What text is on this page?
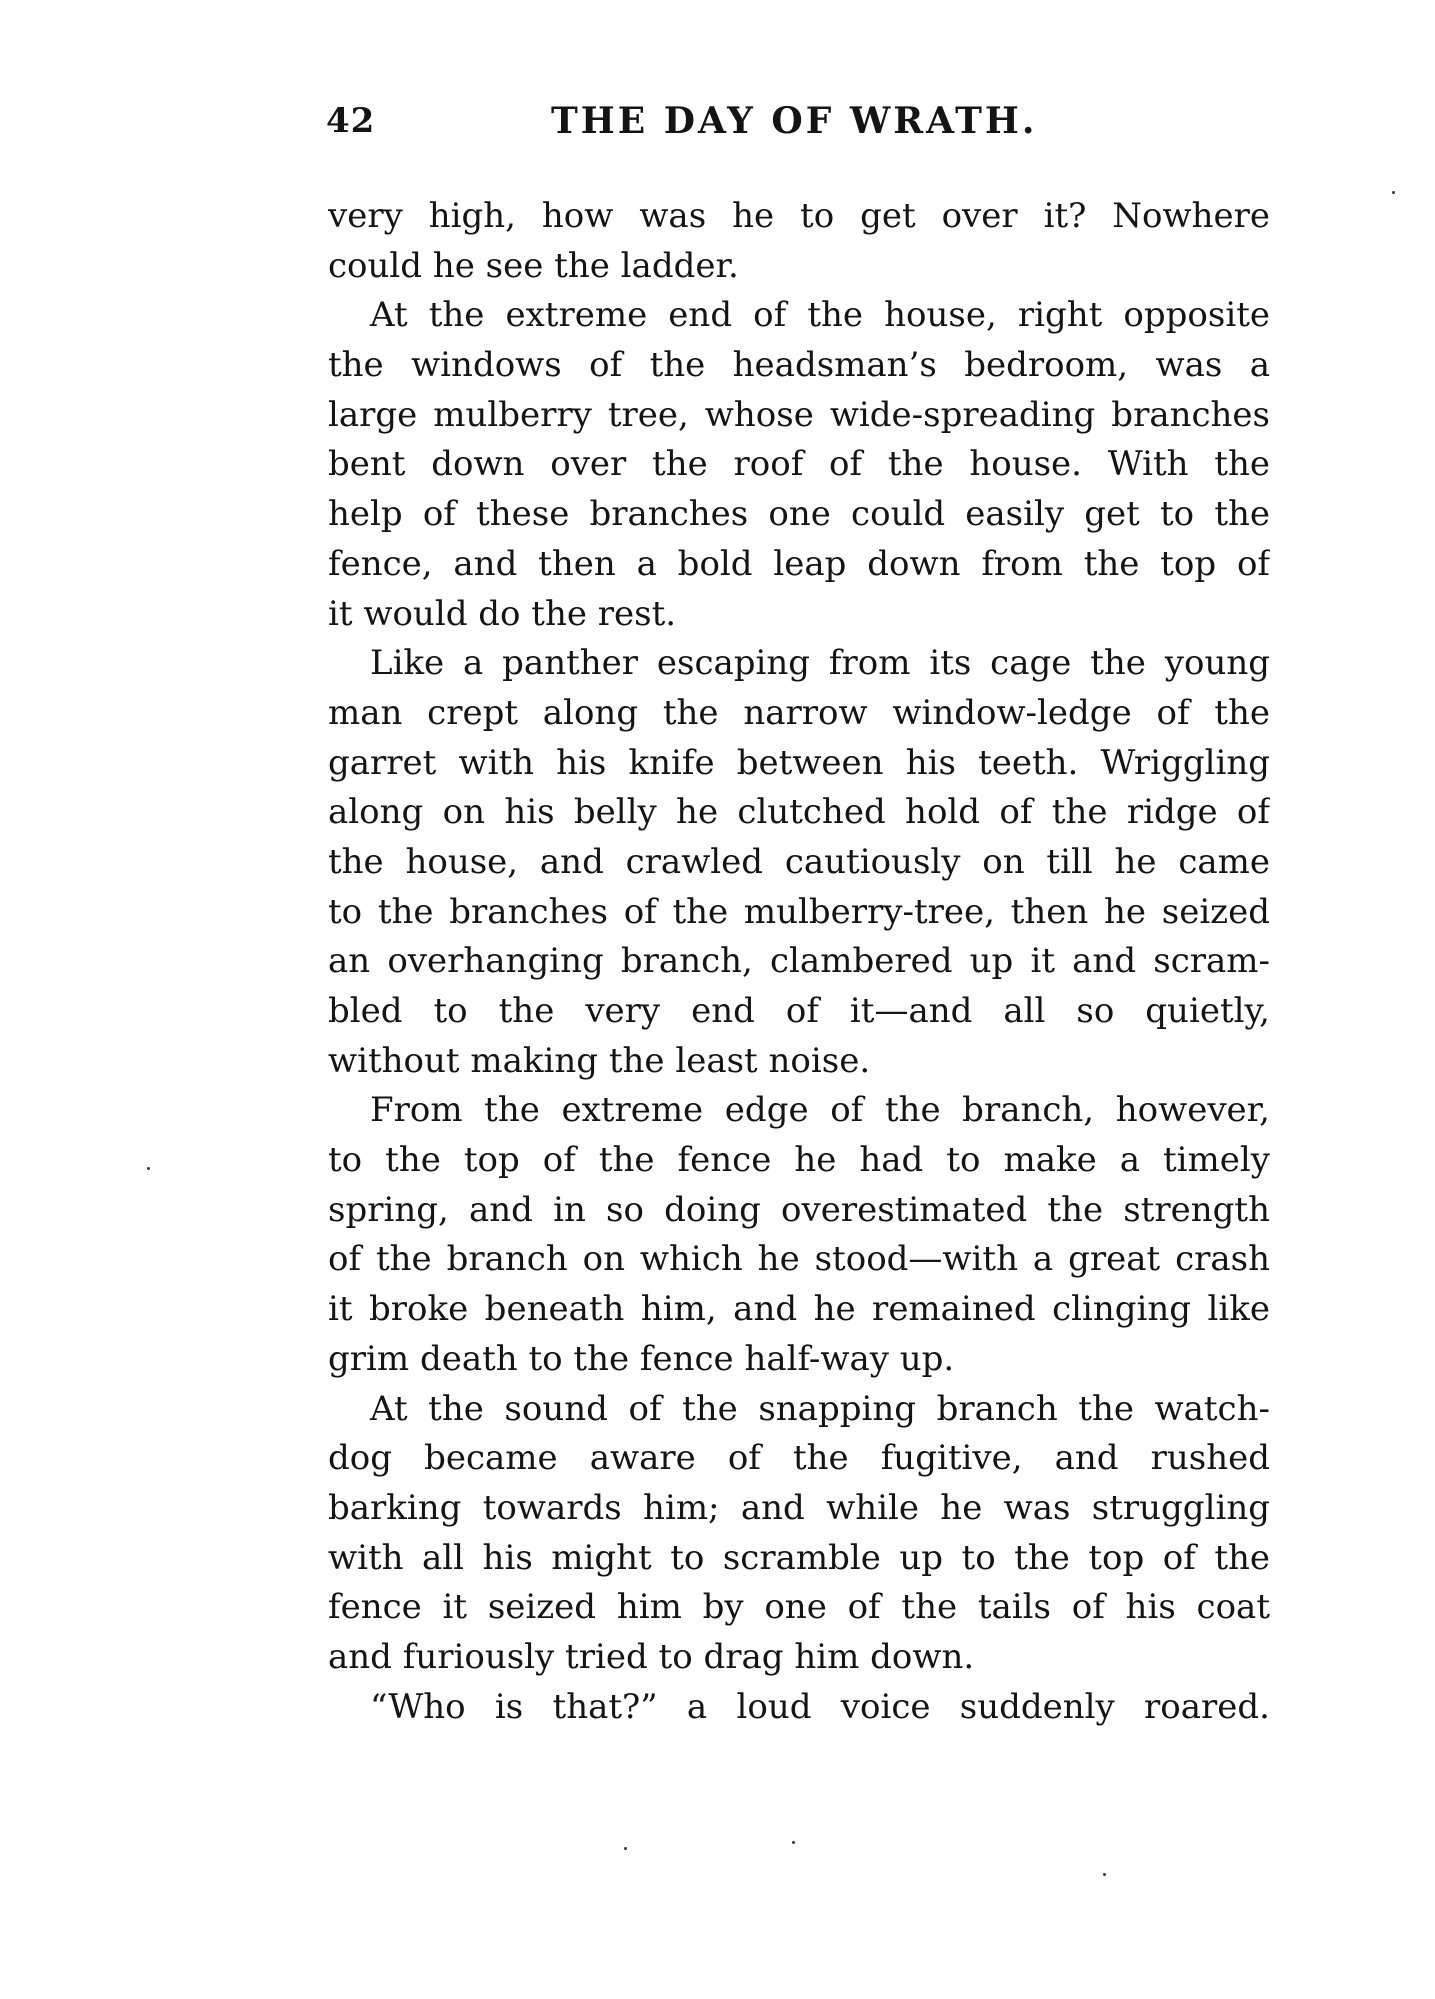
42	THE DAY OF WRATH.
very high, how was he to get over it? Nowhere
could he see the ladder.
At the extreme end of the house, right opposite
the windows of the headsman’s bedroom, was a
large mulberry tree, whose wide-spreading branches
bent down over the roof of the house. With the
help of these branches one could easily get to the
fence, and then a bold leap down from the top of
it would do the rest.
Like a panther escaping from its cage the young
man crept along the narrow window-ledge of the
garret with his knife between his teeth. Wriggling
along on his belly he clutched hold of the ridge of
the house, and crawled cautiously on till he came
to the branches of the mulberry-tree, then he seized
an overhanging branch, clambered up it and scram-
bled to the very end of it—and all so quietly,
without making the least noise.
From the extreme edge of the branch, however,
to the top of the fence he had to make a timely
spring, and in so doing overestimated the strength
of the branch on which he stood—with a great crash
it broke beneath him, and he remained clinging like
grim death to the fence half-way up.
At the sound of the snapping branch the watch-
dog became aware of the fugitive, and rushed
barking towards him; and while he was struggling
with all his might to scramble up to the top of the
fence it seized him by one of the tails of his coat
and furiously tried to drag him down.
“Who is that?” a loud voice suddenly roared.
